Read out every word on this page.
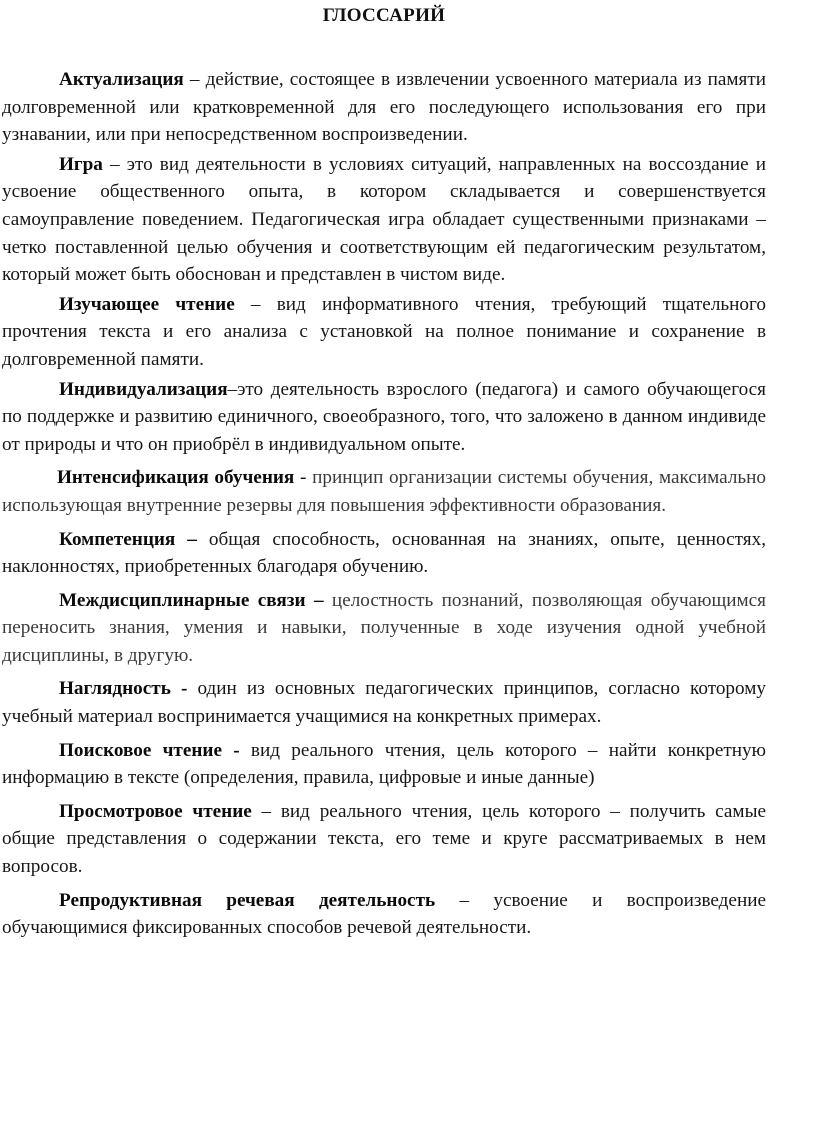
ГЛОССАРИЙ

Актуализация – действие, состоящее в извлечении усвоенного материала из памяти долговременной или кратковременной для его последующего использования его при узнавании, или при непосредственном воспроизведении.

Игра – это вид деятельности в условиях ситуаций, направленных на воссоздание и усвоение общественного опыта, в котором складывается и совершенствуется самоуправление поведением. Педагогическая игра обладает существенными признаками – четко поставленной целью обучения и соответствующим ей педагогическим результатом, который может быть обоснован и представлен в чистом виде.

Изучающее чтение – вид информативного чтения, требующий тщательного прочтения текста и его анализа с установкой на полное понимание и сохранение в долговременной памяти.

Индивидуализация–это деятельность взрослого (педагога) и самого обучающегося по поддержке и развитию единичного, своеобразного, того, что заложено в данном индивиде от природы и что он приобрёл в индивидуальном опыте.

Интенсификация обучения - принцип организации системы обучения, максимально использующая внутренние резервы для повышения эффективности образования.

Компетенция – общая способность, основанная на знаниях, опыте, ценностях, наклонностях, приобретенных благодаря обучению.

Междисциплинарные связи – целостность познаний, позволяющая обучающимся переносить знания, умения и навыки, полученные в ходе изучения одной учебной дисциплины, в другую.

Наглядность - один из основных педагогических принципов, согласно которому учебный материал воспринимается учащимися на конкретных примерах.

Поисковое чтение - вид реального чтения, цель которого – найти конкретную информацию в тексте (определения, правила, цифровые и иные данные)

Просмотровое чтение – вид реального чтения, цель которого – получить самые общие представления о содержании текста, его теме и круге рассматриваемых в нем вопросов.

Репродуктивная речевая деятельность – усвоение и воспроизведение обучающимися фиксированных способов речевой деятельности.
